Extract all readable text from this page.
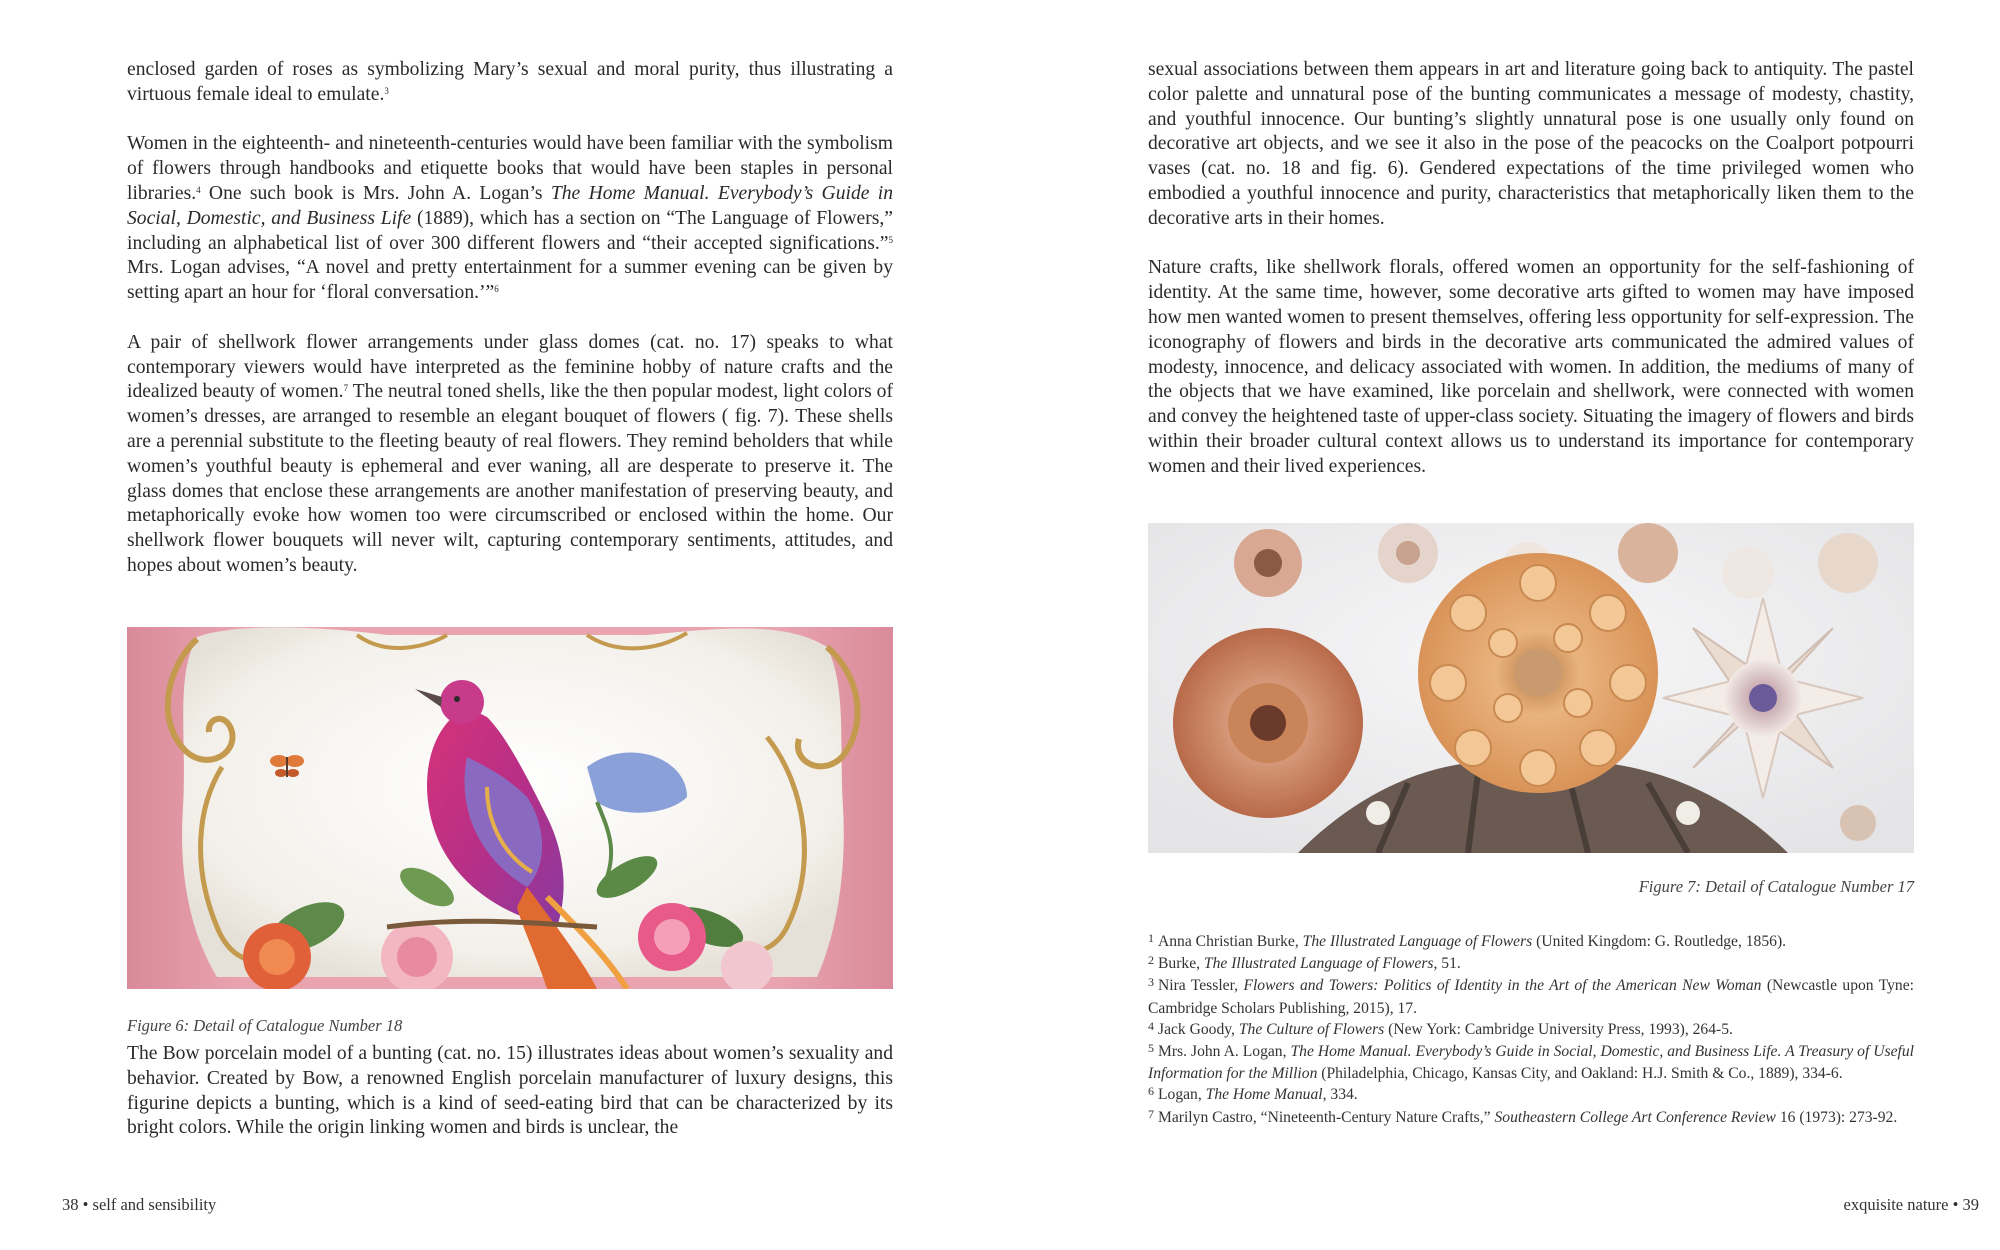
enclosed garden of roses as symbolizing Mary’s sexual and moral purity, thus illustrating a virtuous female ideal to emulate.$^3$

Women in the eighteenth- and nineteenth-centuries would have been familiar with the symbolism of flowers through handbooks and etiquette books that would have been staples in personal libraries.$^4$ One such book is Mrs. John A. Logan’s The Home Manual. Everybody’s Guide in Social, Domestic, and Business Life (1889), which has a section on “The Language of Flowers,” including an alphabetical list of over 300 different flowers and “their accepted significations.”$^5$ Mrs. Logan advises, “A novel and pretty entertainment for a summer evening can be given by setting apart an hour for ‘floral conversation.’”$^6$

A pair of shellwork flower arrangements under glass domes (cat. no. 17) speaks to what contemporary viewers would have interpreted as the feminine hobby of nature crafts and the idealized beauty of women.$^7$ The neutral toned shells, like the then popular modest, light colors of women’s dresses, are arranged to resemble an elegant bouquet of flowers ( fig. 7). These shells are a perennial substitute to the fleeting beauty of real flowers. They remind beholders that while women’s youthful beauty is ephemeral and ever waning, all are desperate to preserve it. The glass domes that enclose these arrangements are another manifestation of preserving beauty, and metaphorically evoke how women too were circumscribed or enclosed within the home. Our shellwork flower bouquets will never wilt, capturing contemporary sentiments, attitudes, and hopes about women’s beauty.

Figure 6: Detail of Catalogue Number 18

The Bow porcelain model of a bunting (cat. no. 15) illustrates ideas about women’s sexuality and behavior. Created by Bow, a renowned English porcelain manufacturer of luxury designs, this figurine depicts a bunting, which is a kind of seed-eating bird that can be characterized by its bright colors. While the origin linking women and birds is unclear, the

38 • self and sensibility

sexual associations between them appears in art and literature going back to antiquity. The pastel color palette and unnatural pose of the bunting communicates a message of modesty, chastity, and youthful innocence. Our bunting’s slightly unnatural pose is one usually only found on decorative art objects, and we see it also in the pose of the peacocks on the Coalport potpourri vases (cat. no. 18 and fig. 6). Gendered expectations of the time privileged women who embodied a youthful innocence and purity, characteristics that metaphorically liken them to the decorative arts in their homes.

Nature crafts, like shellwork florals, offered women an opportunity for the self-fashioning of identity. At the same time, however, some decorative arts gifted to women may have imposed how men wanted women to present themselves, offering less opportunity for self-expression. The iconography of flowers and birds in the decorative arts communicated the admired values of modesty, innocence, and delicacy associated with women. In addition, the mediums of many of the objects that we have examined, like porcelain and shellwork, were connected with women and convey the heightened taste of upper-class society. Situating the imagery of flowers and birds within their broader cultural context allows us to understand its importance for contemporary women and their lived experiences.

Figure 7: Detail of Catalogue Number 17

$^1$ Anna Christian Burke, The Illustrated Language of Flowers (United Kingdom: G. Routledge, 1856).

$^2$ Burke, The Illustrated Language of Flowers, 51.

$^3$ Nira Tessler, Flowers and Towers: Politics of Identity in the Art of the American New Woman (Newcastle upon Tyne: Cambridge Scholars Publishing, 2015), 17.

$^4$ Jack Goody, The Culture of Flowers (New York: Cambridge University Press, 1993), 264-5.

$^5$ Mrs. John A. Logan, The Home Manual. Everybody’s Guide in Social, Domestic, and Business Life. A Treasury of Useful Information for the Million (Philadelphia, Chicago, Kansas City, and Oakland: H.J. Smith & Co., 1889), 334-6.

$^6$ Logan, The Home Manual, 334.

$^7$ Marilyn Castro, “Nineteenth-Century Nature Crafts,” Southeastern College Art Conference Review 16 (1973): 273-92.

exquisite nature • 39
